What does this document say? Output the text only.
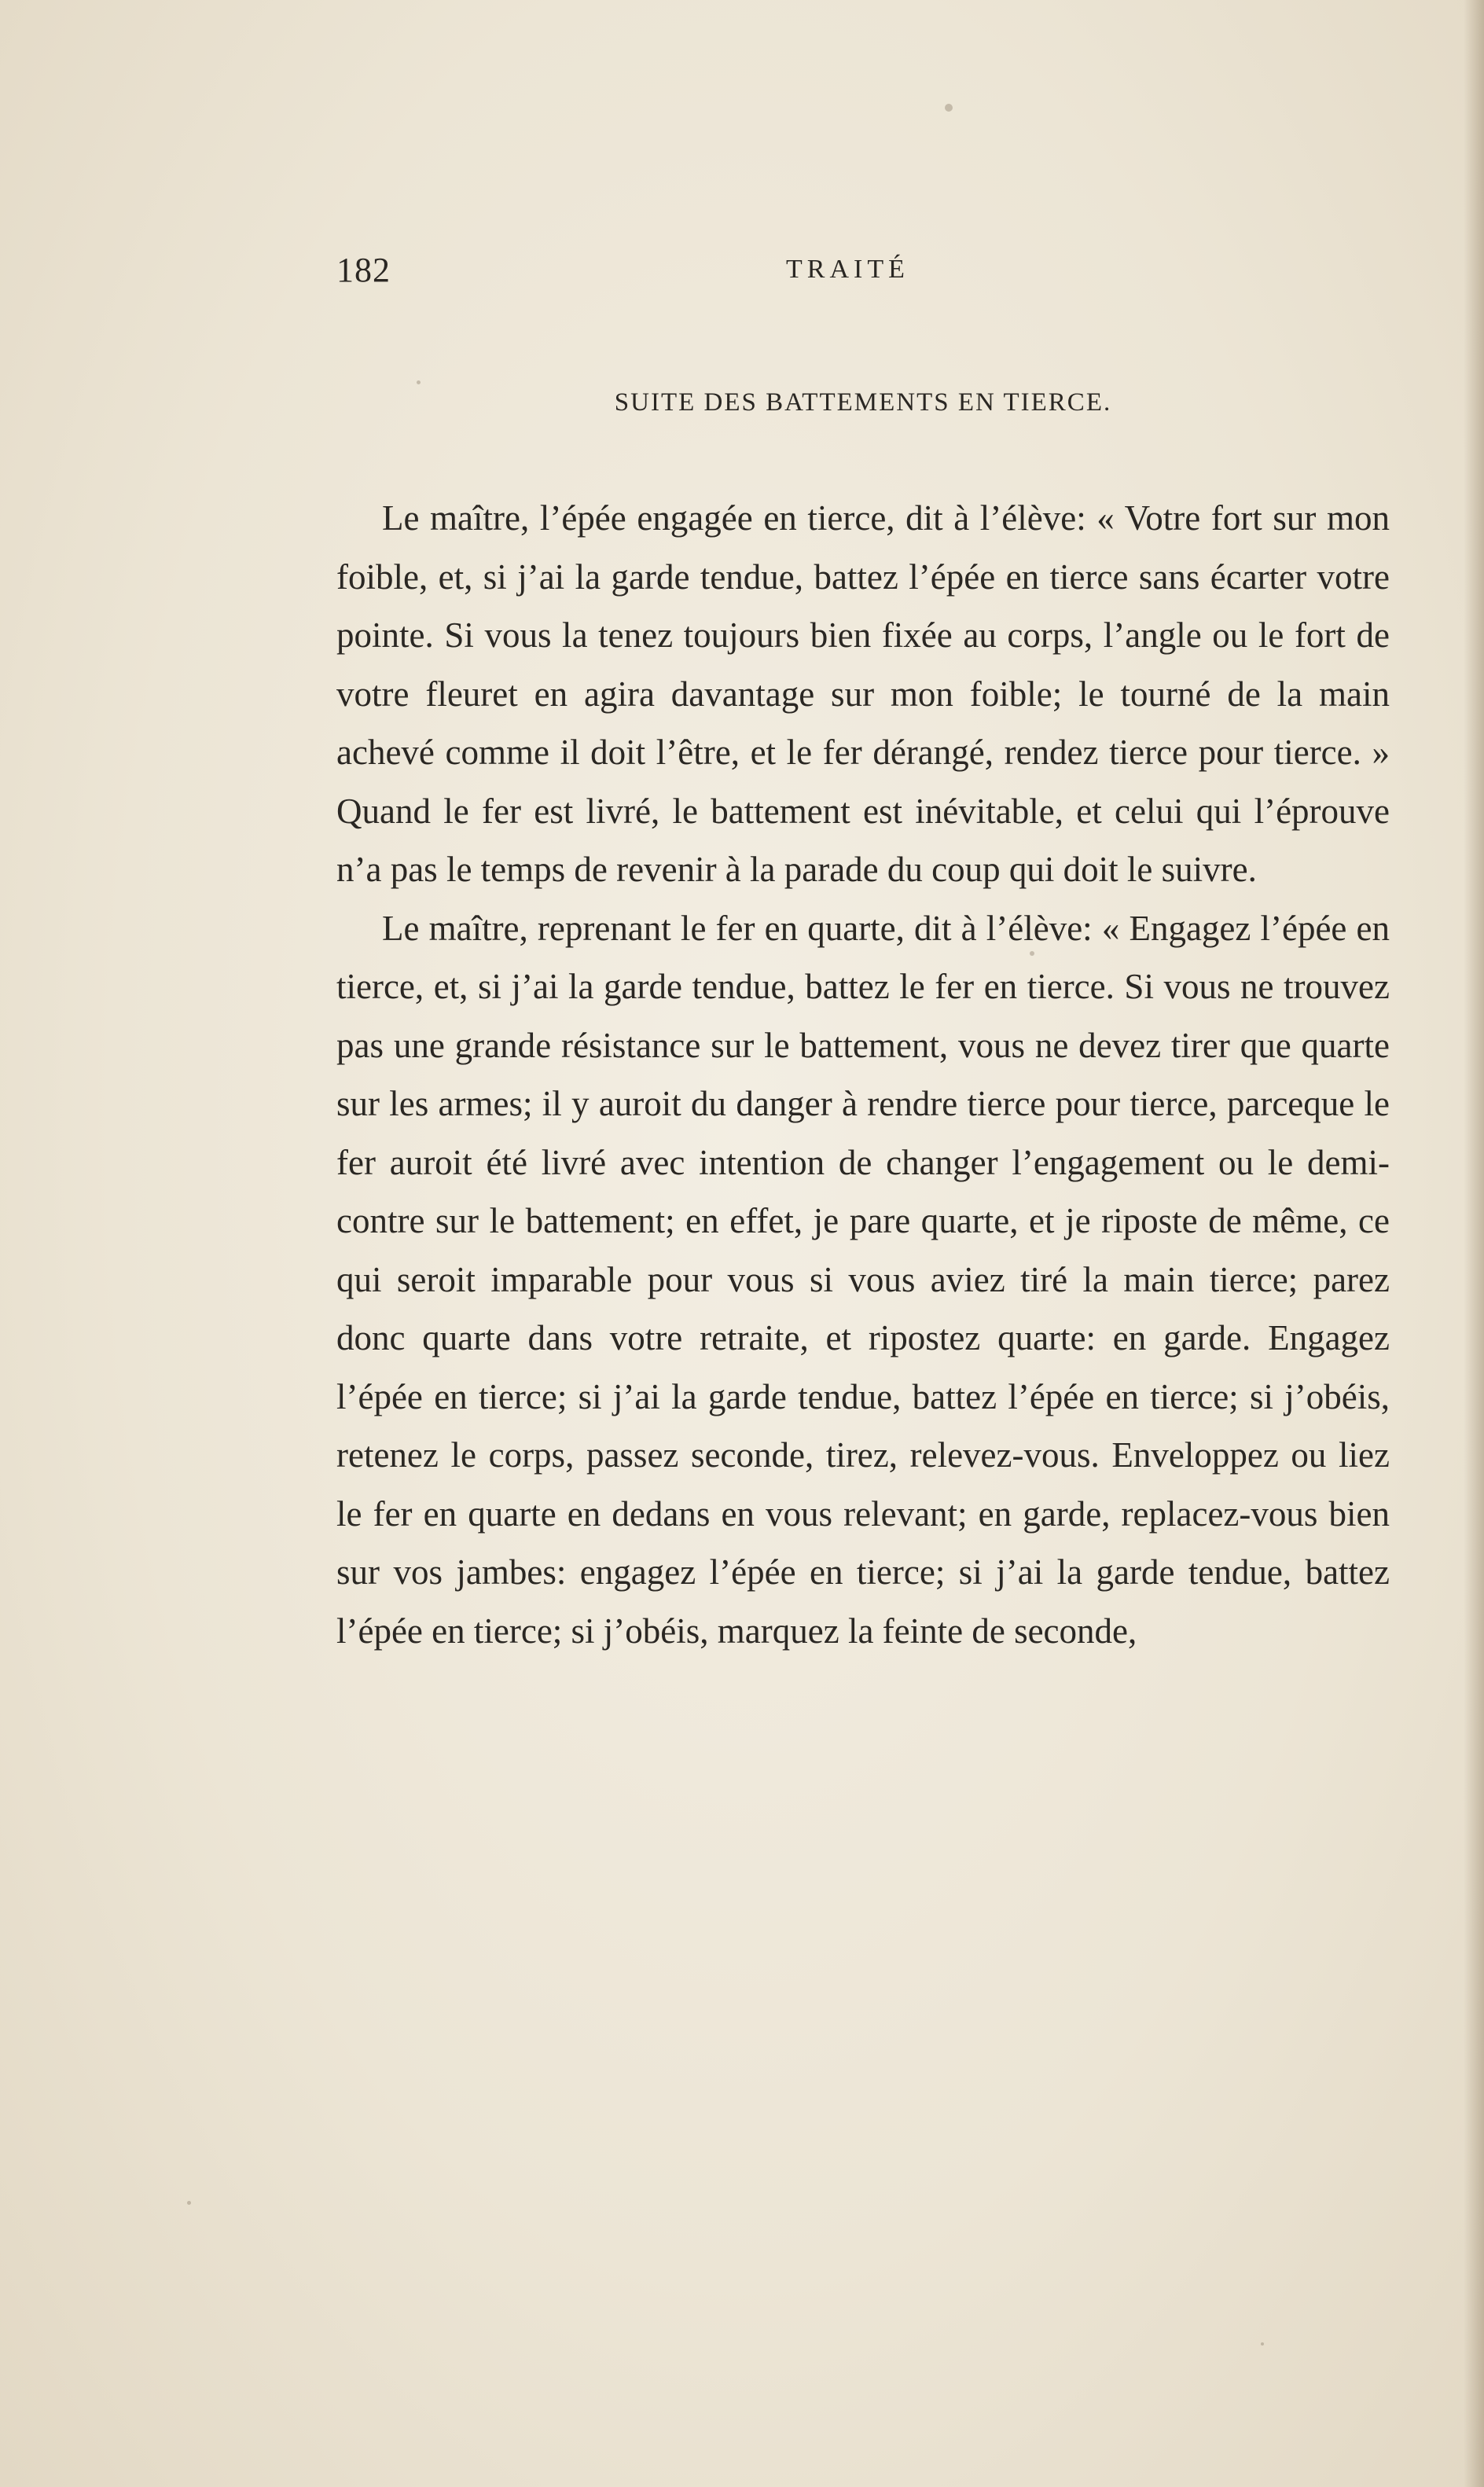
182	TRAITÉ
SUITE DES BATTEMENTS EN TIERCE.

Le maître, l’épée engagée en tierce, dit à l’élève: « Votre fort sur mon foible, et, si j’ai la garde tendue, battez l’épée en tierce sans écarter votre pointe. Si vous la tenez toujours bien fixée au corps, l’angle ou le fort de votre fleuret en agira davantage sur mon foible; le tourné de la main achevé comme il doit l’être, et le fer dérangé, rendez tierce pour tierce. » Quand le fer est livré, le battement est inévitable, et celui qui l’éprouve n’a pas le temps de revenir à la parade du coup qui doit le suivre.

Le maître, reprenant le fer en quarte, dit à l’élève: « Engagez l’épée en tierce, et, si j’ai la garde tendue, battez le fer en tierce. Si vous ne trouvez pas une grande résistance sur le battement, vous ne devez tirer que quarte sur les armes; il y auroit du danger à rendre tierce pour tierce, parceque le fer auroit été livré avec intention de changer l’engagement ou le demi-contre sur le battement; en effet, je pare quarte, et je riposte de même, ce qui seroit imparable pour vous si vous aviez tiré la main tierce; parez donc quarte dans votre retraite, et ripostez quarte: en garde. Engagez l’épée en tierce; si j’ai la garde tendue, battez l’épée en tierce; si j’obéis, retenez le corps, passez seconde, tirez, relevez-vous. Enveloppez ou liez le fer en quarte en dedans en vous relevant; en garde, replacez-vous bien sur vos jambes: engagez l’épée en tierce; si j’ai la garde tendue, battez l’épée en tierce; si j’obéis, marquez la feinte de seconde,
